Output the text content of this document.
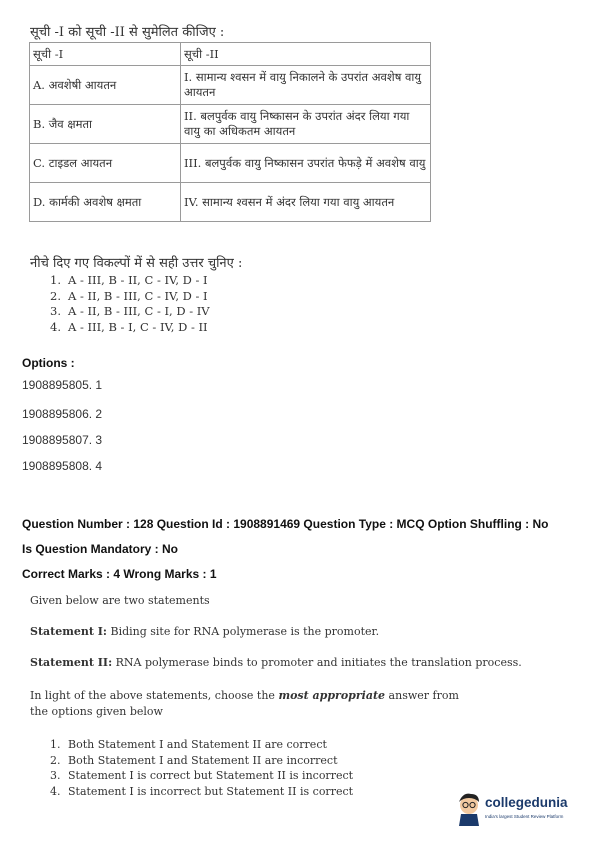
सूची -I को सूची -II से सुमेलित कीजिए :
सूची -I	सूची -II
A. अवशेषी आयतन	I. सामान्य श्वसन में वायु निकालने के उपरांत अवशेष वायु आयतन
B. जैव क्षमता	II. बलपुर्वक वायु निष्कासन के उपरांत अंदर लिया गया वायु का अधिकतम आयतन
C. टाइडल आयतन	III. बलपुर्वक वायु निष्कासन उपरांत फेफड़े में अवशेष वायु
D. कार्मकी अवशेष क्षमता	IV. सामान्य श्वसन में अंदर लिया गया वायु आयतन
नीचे दिए गए विकल्पों में से सही उत्तर चुनिए :
1. A - III, B - II, C - IV, D - I
2. A - II, B - III, C - IV, D - I
3. A - II, B - III, C - I, D - IV
4. A - III, B - I, C - IV, D - II
Options :
1908895805. 1
1908895806. 2
1908895807. 3
1908895808. 4
Question Number : 128 Question Id : 1908891469 Question Type : MCQ Option Shuffling : No
Is Question Mandatory : No
Correct Marks : 4 Wrong Marks : 1
Given below are two statements
Statement I: Biding site for RNA polymerase is the promoter.
Statement II: RNA polymerase binds to promoter and initiates the translation process.
In light of the above statements, choose the most appropriate answer from the options given below
1. Both Statement I and Statement II are correct
2. Both Statement I and Statement II are incorrect
3. Statement I is correct but Statement II is incorrect
4. Statement I is incorrect but Statement II is correct
collegedunia
India's largest Student Review Platform
